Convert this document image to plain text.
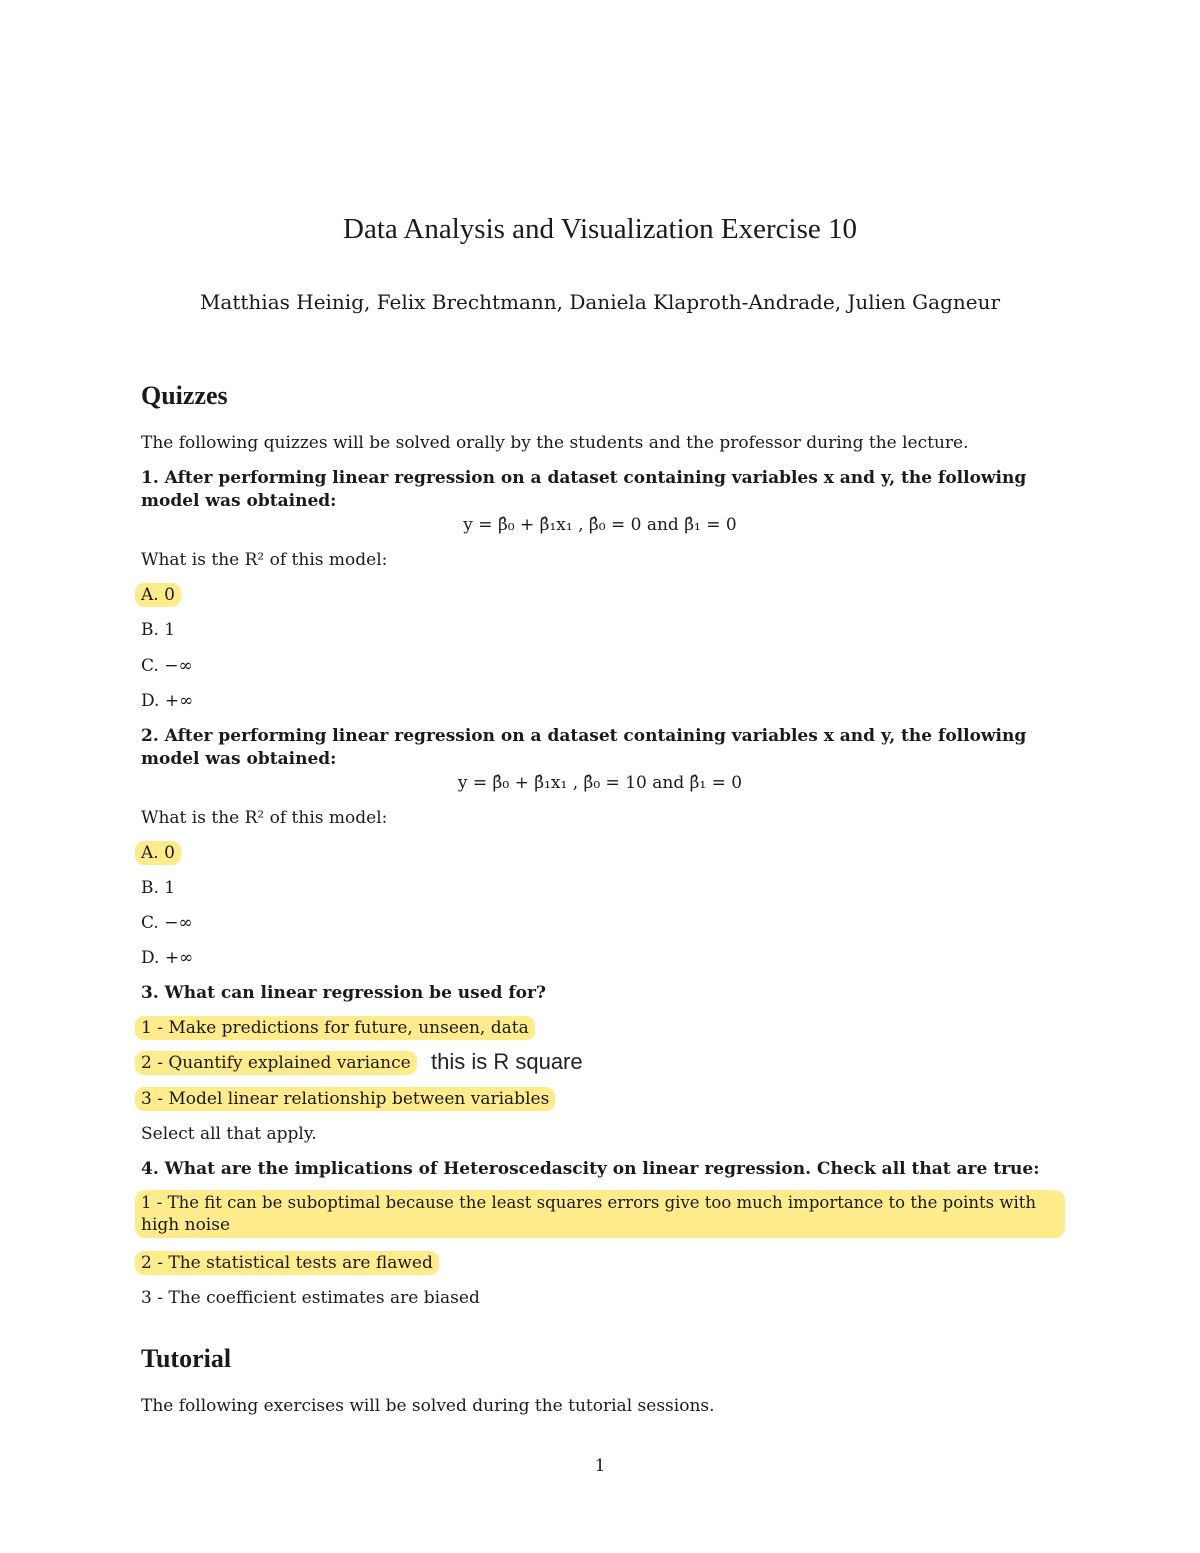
Data Analysis and Visualization Exercise 10
Matthias Heinig, Felix Brechtmann, Daniela Klaproth-Andrade, Julien Gagneur
Quizzes
The following quizzes will be solved orally by the students and the professor during the lecture.
1. After performing linear regression on a dataset containing variables x and y, the following
model was obtained:
y = β̂₀ + β̂₁x₁ , β̂₀ = 0 and β̂₁ = 0
What is the R² of this model:
A. 0
B. 1
C. −∞
D. +∞
2. After performing linear regression on a dataset containing variables x and y, the following
model was obtained:
y = β̂₀ + β̂₁x₁ , β̂₀ = 10 and β̂₁ = 0
What is the R² of this model:
A. 0
B. 1
C. −∞
D. +∞
3. What can linear regression be used for?
1 - Make predictions for future, unseen, data
2 - Quantify explained variance this is R square
3 - Model linear relationship between variables
Select all that apply.
4. What are the implications of Heteroscedascity on linear regression. Check all that are true:
1 - The fit can be suboptimal because the least squares errors give too much importance to the points with
high noise
2 - The statistical tests are flawed
3 - The coefficient estimates are biased
Tutorial
The following exercises will be solved during the tutorial sessions.
1
